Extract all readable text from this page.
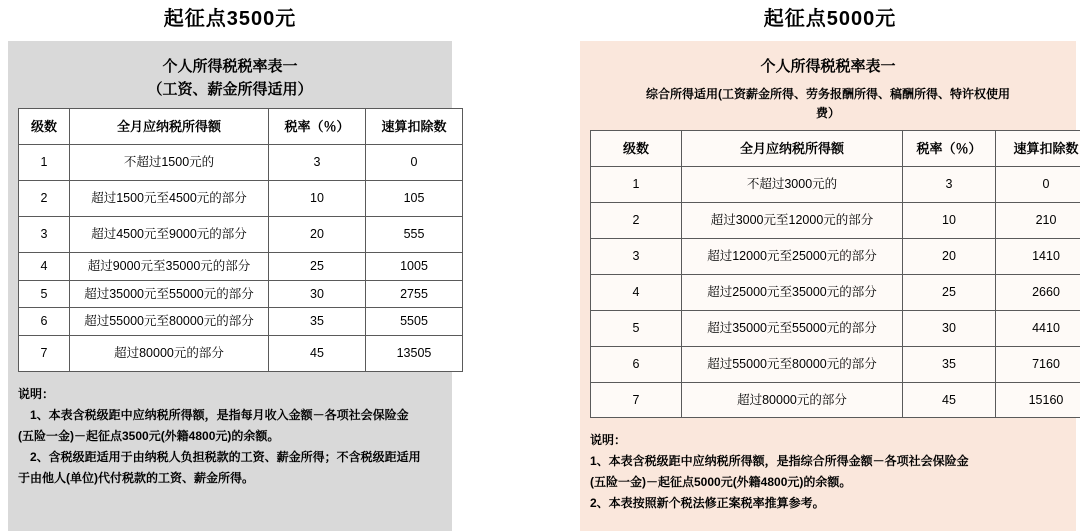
起征点3500元
个人所得税税率表一
（工资、薪金所得适用）
级数	全月应纳税所得额	税率（％）	速算扣除数
1	不超过1500元的	3	0
2	超过1500元至4500元的部分	10	105
3	超过4500元至9000元的部分	20	555
4	超过9000元至35000元的部分	25	1005
5	超过35000元至55000元的部分	30	2755
6	超过55000元至80000元的部分	35	5505
7	超过80000元的部分	45	13505

说明：

　1、本表含税级距中应纳税所得额，是指每月收入金额－各项社会保险金

(五险一金)－起征点3500元(外籍4800元)的余额。

　2、含税级距适用于由纳税人负担税款的工资、薪金所得；不含税级距适用

于由他人(单位)代付税款的工资、薪金所得。

起征点5000元
个人所得税税率表一
综合所得适用(工资薪金所得、劳务报酬所得、稿酬所得、特许权使用
费）
级数	全月应纳税所得额	税率（％）	速算扣除数
1	不超过3000元的	3	0
2	超过3000元至12000元的部分	10	210
3	超过12000元至25000元的部分	20	1410
4	超过25000元至35000元的部分	25	2660
5	超过35000元至55000元的部分	30	4410
6	超过55000元至80000元的部分	35	7160
7	超过80000元的部分	45	15160

说明：

1、本表含税级距中应纳税所得额，是指综合所得金额－各项社会保险金

(五险一金)－起征点5000元(外籍4800元)的余额。

2、本表按照新个税法修正案税率推算参考。
